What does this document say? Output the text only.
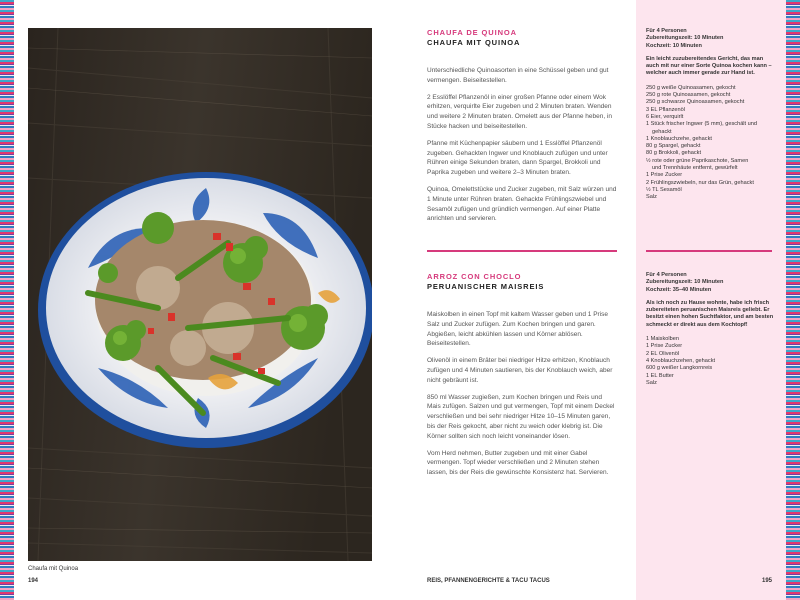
Chaufa mit Quinoa
194
CHAUFA DE QUINOA
CHAUFA MIT QUINOA

Unterschiedliche Quinoasorten in eine Schüssel geben und gut vermengen. Beiseitestellen.

2 Esslöffel Pflanzenöl in einer großen Pfanne oder einem Wok erhitzen, verquirlte Eier zugeben und 2 Minuten braten. Wenden und weitere 2 Minuten braten. Omelett aus der Pfanne heben, in Stücke hacken und beiseitestellen.

Pfanne mit Küchenpapier säubern und 1 Esslöffel Pflanzenöl zugeben. Gehackten Ingwer und Knoblauch zufügen und unter Rühren einige Sekunden braten, dann Spargel, Brokkoli und Paprika zugeben und weitere 2–3 Minuten braten.

Quinoa, Omelettstücke und Zucker zugeben, mit Salz würzen und 1 Minute unter Rühren braten. Gehackte Frühlingszwiebel und Sesamöl zufügen und gründlich vermengen. Auf einer Platte anrichten und servieren.

Für 4 Personen
Zubereitungszeit: 10 Minuten
Kochzeit: 10 Minuten
Ein leicht zuzubereitendes Gericht, das man auch mit nur einer Sorte Quinoa kochen kann – welcher auch immer gerade zur Hand ist.
250 g weiße Quinoasamen, gekocht
250 g rote Quinoasamen, gekocht
250 g schwarze Quinoasamen, gekocht
3 EL Pflanzenöl
6 Eier, verquirlt
1 Stück frischer Ingwer (5 mm), geschält und
gehackt
1 Knoblauchzehe, gehackt
80 g Spargel, gehackt
80 g Brokkoli, gehackt
½ rote oder grüne Paprikaschote, Samen
und Trennhäute entfernt, gewürfelt
1 Prise Zucker
2 Frühlingszwiebeln, nur das Grün, gehackt
½ TL Sesamöl
Salz
ARROZ CON CHOCLO
PERUANISCHER MAISREIS

Maiskolben in einen Topf mit kaltem Wasser geben und 1 Prise Salz und Zucker zufügen. Zum Kochen bringen und garen. Abgießen, leicht abkühlen lassen und Körner ablösen. Beiseitestellen.

Olivenöl in einem Bräter bei niedriger Hitze erhitzen, Knoblauch zufügen und 4 Minuten sautieren, bis der Knoblauch weich, aber nicht gebräunt ist.

850 ml Wasser zugießen, zum Kochen bringen und Reis und Mais zufügen. Salzen und gut vermengen, Topf mit einem Deckel verschließen und bei sehr niedriger Hitze 10–15 Minuten garen, bis der Reis gekocht, aber nicht zu weich oder klebrig ist. Die Körner sollten sich noch leicht voneinander lösen.

Vom Herd nehmen, Butter zugeben und mit einer Gabel vermengen. Topf wieder verschließen und 2 Minuten stehen lassen, bis der Reis die gewünschte Konsistenz hat. Servieren.

Für 4 Personen
Zubereitungszeit: 10 Minuten
Kochzeit: 35–40 Minuten
Als ich noch zu Hause wohnte, habe ich frisch zubereiteten peruanischen Maisreis geliebt. Er besitzt einen hohen Suchtfaktor, und am besten schmeckt er direkt aus dem Kochtopf!
1 Maiskolben
1 Prise Zucker
2 EL Olivenöl
4 Knoblauchzehen, gehackt
600 g weißer Langkornreis
1 EL Butter
Salz
REIS, PFANNENGERICHTE & TACU TACUS	195
